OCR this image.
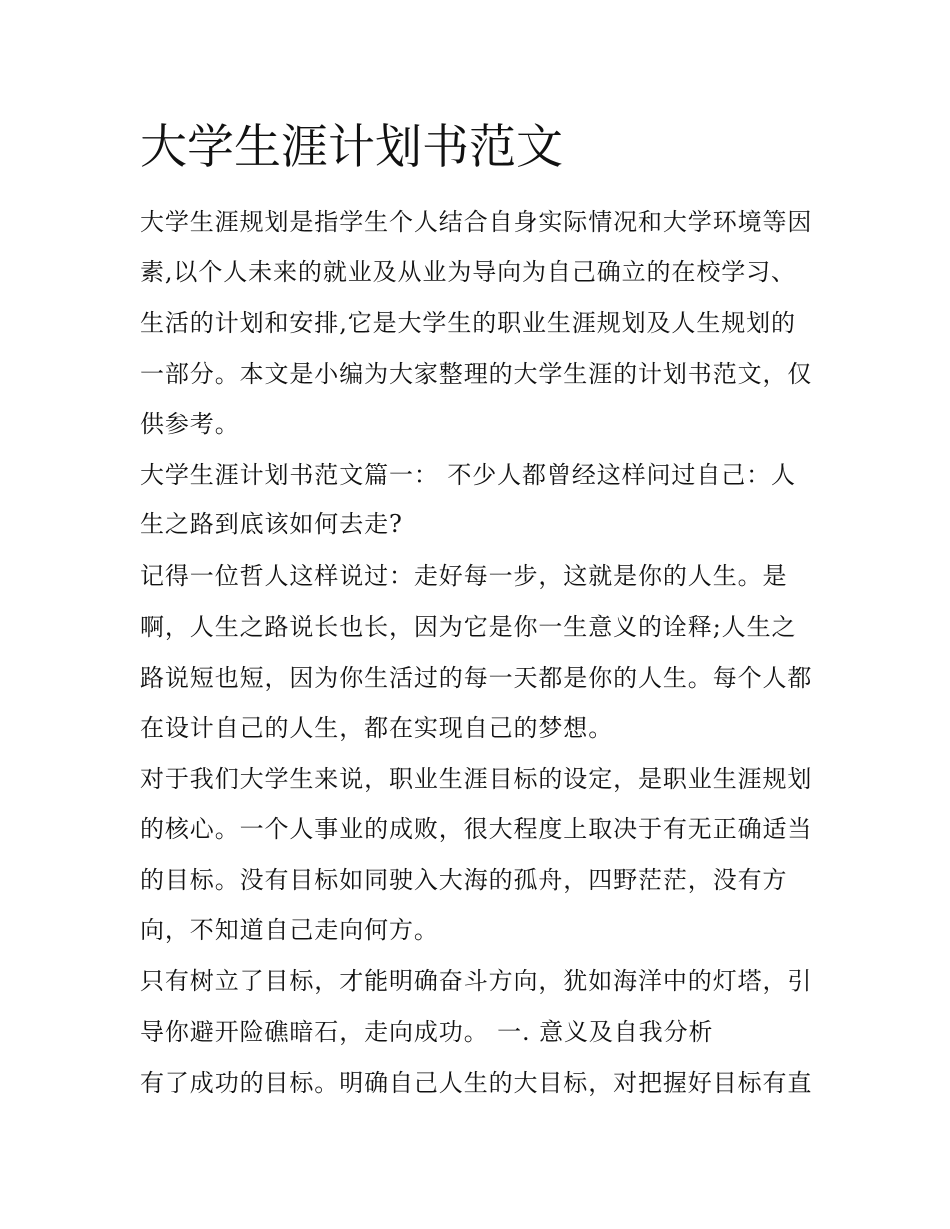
大学生涯计划书范文

大学生涯规划是指学生个人结合自身实际情况和大学环境等因

素,以个人未来的就业及从业为导向为自己确立的在校学习、

生活的计划和安排,它是大学生的职业生涯规划及人生规划的

一部分。本文是小编为大家整理的大学生涯的计划书范文，仅

供参考。

大学生涯计划书范文篇一： 不少人都曾经这样问过自己：人

生之路到底该如何去走?

记得一位哲人这样说过：走好每一步，这就是你的人生。是

啊，人生之路说长也长，因为它是你一生意义的诠释;人生之

路说短也短，因为你生活过的每一天都是你的人生。每个人都

在设计自己的人生，都在实现自己的梦想。

对于我们大学生来说，职业生涯目标的设定，是职业生涯规划

的核心。一个人事业的成败，很大程度上取决于有无正确适当

的目标。没有目标如同驶入大海的孤舟，四野茫茫，没有方

向，不知道自己走向何方。

只有树立了目标，才能明确奋斗方向，犹如海洋中的灯塔，引

导你避开险礁暗石，走向成功。 一. 意义及自我分析

有了成功的目标。明确自己人生的大目标，对把握好目标有直
